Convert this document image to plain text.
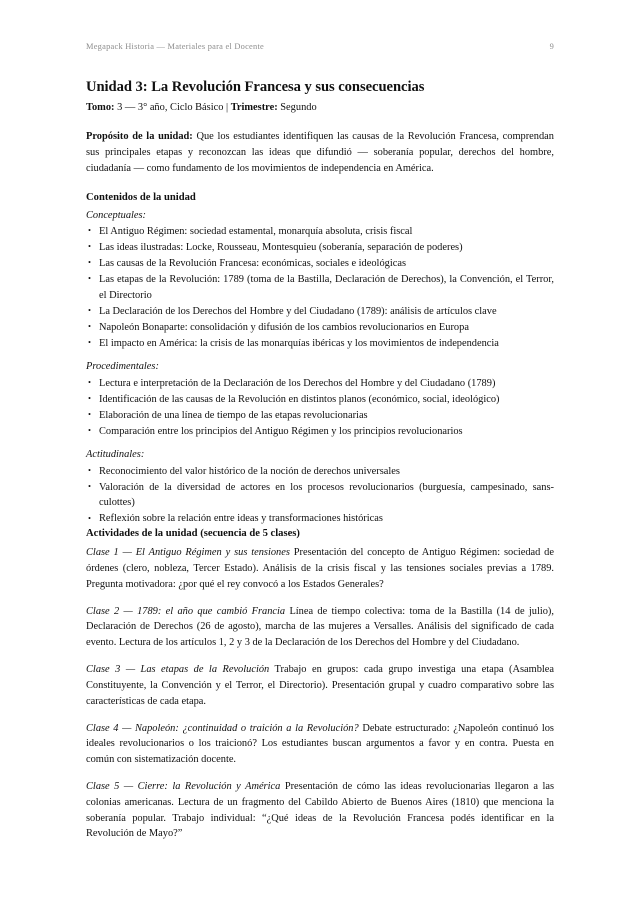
Megapack Historia — Materiales para el Docente	9
Unidad 3: La Revolución Francesa y sus consecuencias

Tomo: 3 — 3° año, Ciclo Básico | Trimestre: Segundo

Propósito de la unidad: Que los estudiantes identifiquen las causas de la Revolución Francesa, comprendan sus principales etapas y reconozcan las ideas que difundió — soberanía popular, derechos del hombre, ciudadanía — como fundamento de los movimientos de independencia en América.

Contenidos de la unidad
Conceptuales:
• El Antiguo Régimen: sociedad estamental, monarquía absoluta, crisis fiscal
• Las ideas ilustradas: Locke, Rousseau, Montesquieu (soberanía, separación de poderes)
• Las causas de la Revolución Francesa: económicas, sociales e ideológicas
• Las etapas de la Revolución: 1789 (toma de la Bastilla, Declaración de Derechos), la Convención, el Terror, el Directorio
• La Declaración de los Derechos del Hombre y del Ciudadano (1789): análisis de artículos clave
• Napoleón Bonaparte: consolidación y difusión de los cambios revolucionarios en Europa
• El impacto en América: la crisis de las monarquías ibéricas y los movimientos de independencia
Procedimentales:
• Lectura e interpretación de la Declaración de los Derechos del Hombre y del Ciudadano (1789)
• Identificación de las causas de la Revolución en distintos planos (económico, social, ideológico)
• Elaboración de una línea de tiempo de las etapas revolucionarias
• Comparación entre los principios del Antiguo Régimen y los principios revolucionarios
Actitudinales:
• Reconocimiento del valor histórico de la noción de derechos universales
• Valoración de la diversidad de actores en los procesos revolucionarios (burguesía, campesinado, sans-culottes)
• Reflexión sobre la relación entre ideas y transformaciones históricas
Actividades de la unidad (secuencia de 5 clases)

Clase 1 — El Antiguo Régimen y sus tensiones Presentación del concepto de Antiguo Régimen: sociedad de órdenes (clero, nobleza, Tercer Estado). Análisis de la crisis fiscal y las tensiones sociales previas a 1789. Pregunta motivadora: ¿por qué el rey convocó a los Estados Generales?

Clase 2 — 1789: el año que cambió Francia Línea de tiempo colectiva: toma de la Bastilla (14 de julio), Declaración de Derechos (26 de agosto), marcha de las mujeres a Versalles. Análisis del significado de cada evento. Lectura de los artículos 1, 2 y 3 de la Declaración de los Derechos del Hombre y del Ciudadano.

Clase 3 — Las etapas de la Revolución Trabajo en grupos: cada grupo investiga una etapa (Asamblea Constituyente, la Convención y el Terror, el Directorio). Presentación grupal y cuadro comparativo sobre las características de cada etapa.

Clase 4 — Napoleón: ¿continuidad o traición a la Revolución? Debate estructurado: ¿Napoleón continuó los ideales revolucionarios o los traicionó? Los estudiantes buscan argumentos a favor y en contra. Puesta en común con sistematización docente.

Clase 5 — Cierre: la Revolución y América Presentación de cómo las ideas revolucionarias llegaron a las colonias americanas. Lectura de un fragmento del Cabildo Abierto de Buenos Aires (1810) que menciona la soberanía popular. Trabajo individual: “¿Qué ideas de la Revolución Francesa podés identificar en la Revolución de Mayo?”
